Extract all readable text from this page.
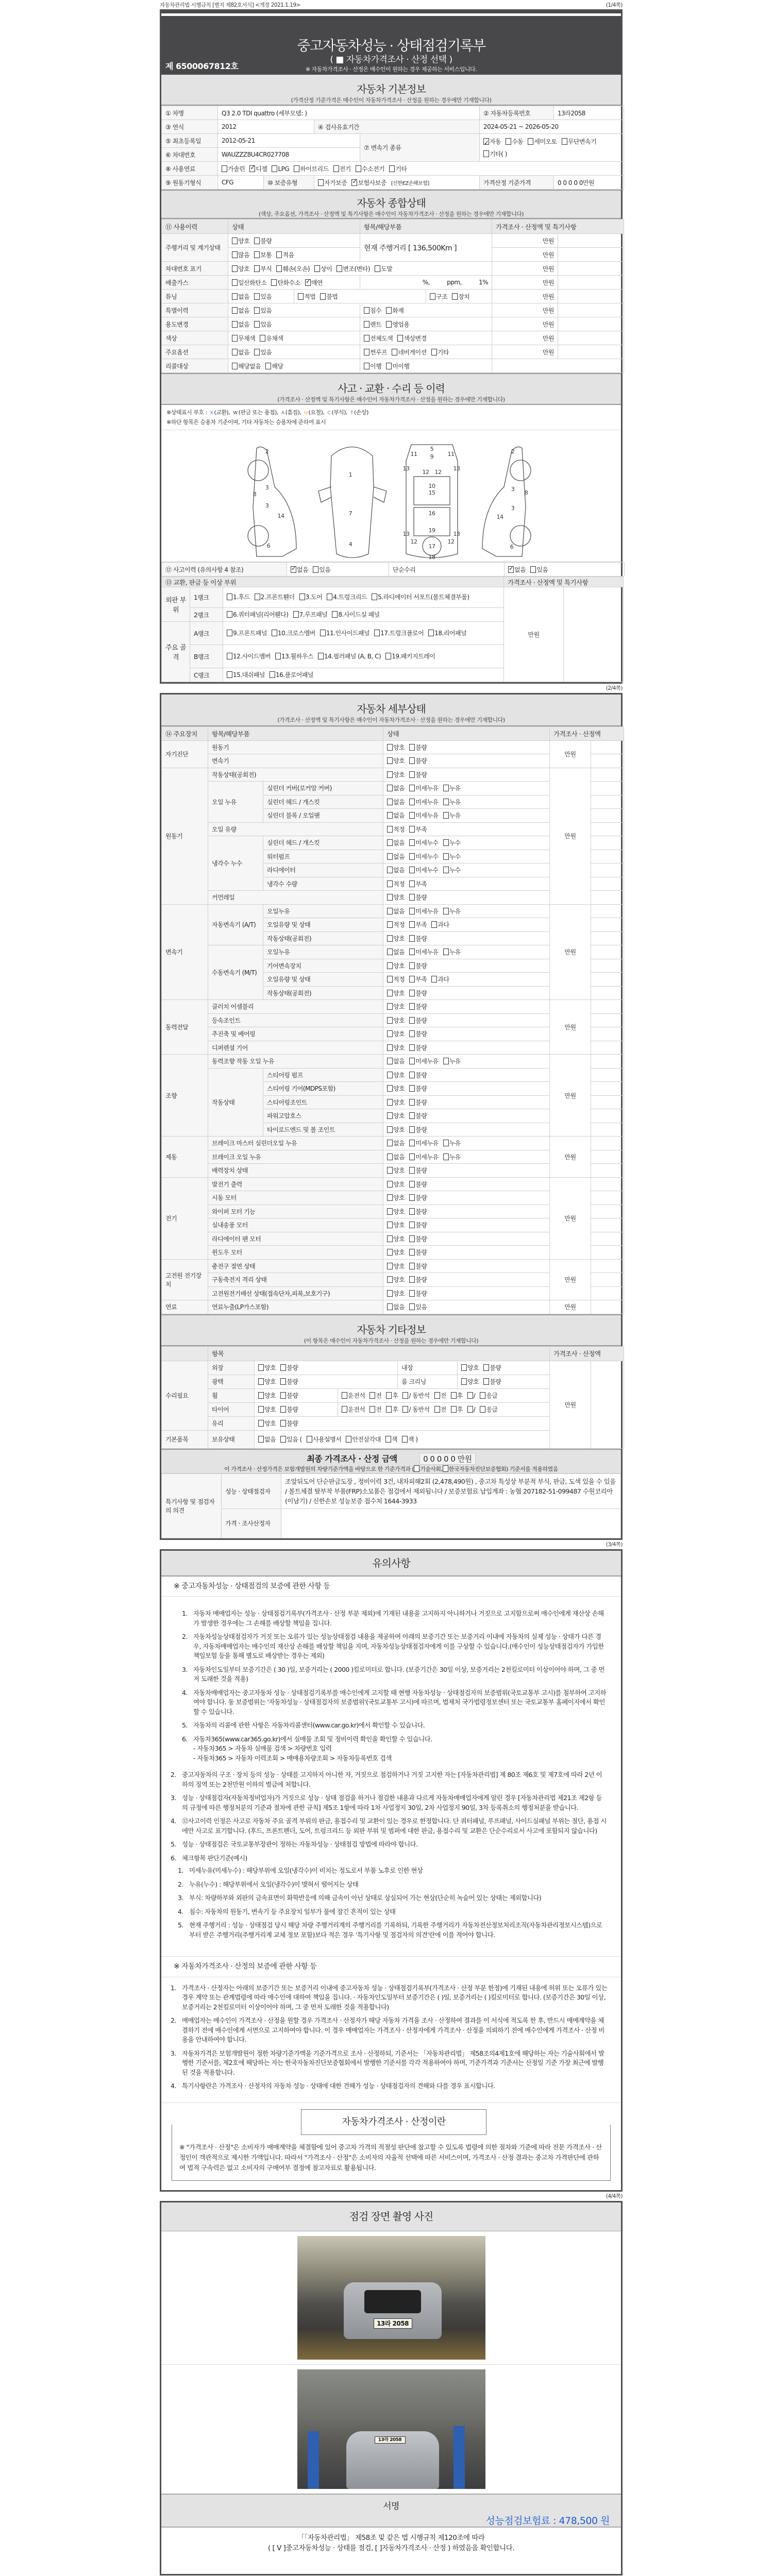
자동차관리법 시행규칙 [별지 제82호서식] <개정 2021.1.19>	(1/4쪽)
중고자동차성능 · 상태점검기록부
( ■ 자동차가격조사 · 산정 선택 )
※ 자동차가격조사 · 산정은 매수인이 원하는 경우 제공하는 서비스입니다.
제 6500067812호
자동차 기본정보
(가격산정 기준가격은 매수인이 자동차가격조사 · 산정을 원하는 경우에만 기재합니다)
① 차명	Q3 2.0 TDI quattro (세부모델: )				② 자동차등록번호	13라2058
③ 연식	2012		④ 검사유효기간		2024-05-21 ~ 2026-05-20	
⑤ 최초등록일	2012-05-21			⑦ 변속기 종류	✓자동 수동 세미오토 무단변속기기타( )
⑥ 차대번호	WAUZZZ8U4CR027708					
⑧ 사용연료	가솔린 ✓ 디젤 LPG 하이브리드 전기 수소전기 기타
⑨ 원동기형식	CFG	⑩ 보증유형	자가보증 ✓ 보험사보증 [신한EZ손해보험]		가격산정 기준가격	0 0 0 0 0만원
자동차 종합상태
(색상, 주요옵션, 가격조사 · 산정액 및 특기사항은 매수인이 자동차가격조사 · 산정을 원하는 경우에만 기재합니다)
⑪ 사용이력	상태		항목/해당부품		가격조사 · 산정액 및 특기사항	
주행거리 및 계기상태	양호 불량		현재 주행거리 [ 136,500Km ]		만원	
	많음 보통 적음				만원	
차대번호 표기	양호 부식 훼손(오손) 상이 변조(변타) 도말				만원	
배출가스	일산화탄소 탄화수소 ✓ 매연		%,          ppm,          1%		만원	
튜닝	없음 있음	적법 불법		구조 장치	만원	
특별이력	없음 있음		침수 화재		만원	
용도변경	없음 있음		렌트 영업용		만원	
색상	무채색 유채색		전체도색 색상변경		만원	
주요옵션	없음 있음		썬루프 네비게이션 기타		만원	
리콜대상	해당없음 해당		이행 미이행			
사고 · 교환 · 수리 등 이력
(가격조사 · 산정액 및 특기사항은 매수인이 자동차가격조사 · 산정을 원하는 경우에만 기재합니다)
※상태표시 부호 : X (교환), W (판금 또는 용접), A (흠집), U (요철), C (부식), T (손상)
※하단 항목은 승용차 기준이며, 기타 자동차는 승용차에 준하여 표시
1
2	2
3
3
3
3
4
5
6	6
7
8	8
9
10
11	11
12 12
12	12
13	13
13	13
14	14
15
16
17
18
19
⑫ 사고이력 (유의사항 4 참조)	✓없음 있음	단순수리	✓없음 있음
⑬ 교환, 판금 등 이상 부위			가격조사 · 산정액 및 특기사항	
외판 부위	1랭크	1.후드 2.프론트휀더 3.도어 4.트렁크리드 5.라디에이터 서포트(볼트체결부품)	만원	
	2랭크	6.쿼터패널(리어휀다) 7.루프패널 8.사이드실 패널		
주요 골격	A랭크	9.프론트패널 10.크로스멤버 11.인사이드패널 17.트렁크플로어 18.리어패널		
	B랭크	12.사이드멤버 13.휠하우스 14.필러패널 (A, B, C) 19.패키지트레이		
	C랭크	15.대쉬패널 16.플로어패널		
(2/4쪽)
자동차 세부상태
(가격조사 · 산정액 및 특기사항은 매수인이 자동차가격조사 · 산정을 원하는 경우에만 기재합니다)
⑭ 주요장치	항목/해당부품		상태	가격조사 · 산정액	
자기진단	원동기		양호 불량	만원	
	변속기		양호 불량		
원동기	작동상태(공회전)		양호 불량	만원	
	오일 누유	실린더 커버(로커암 커버)	없음 미세누유 누유		
		실린더 헤드 / 개스킷	없음 미세누유 누유		
		실린더 블록 / 오일팬	없음 미세누유 누유		
	오일 유량		적정 부족		
	냉각수 누수	실린더 헤드 / 개스킷	없음 미세누수 누수		
		워터펌프	없음 미세누수 누수		
		라디에이터	없음 미세누수 누수		
		냉각수 수량	적정 부족		
	커먼레일		양호 불량		
변속기	자동변속기 (A/T)	오일누유	없음 미세누유 누유	만원	
		오일유량 및 상태	적정 부족 과다		
		작동상태(공회전)	양호 불량		
	수동변속기 (M/T)	오일누유	없음 미세누유 누유		
		기어변속장치	양호 불량		
		오일유량 및 상태	적정 부족 과다		
		작동상태(공회전)	양호 불량		
동력전달	클러치 어셈블리		양호 불량	만원	
	등속조인트		양호 불량		
	추진축 및 베어링		양호 불량		
	디퍼렌셜 기어		양호 불량		
조향	동력조향 작동 오일 누유		없음 미세누유 누유	만원	
	작동상태	스티어링 펌프	양호 불량		
		스티어링 기어(MDPS포함)	양호 불량		
		스티어링조인트	양호 불량		
		파워고압호스	양호 불량		
		타이로드엔드 및 볼 조인트	양호 불량		
제동	브레이크 마스터 실린더오일 누유		없음 미세누유 누유	만원	
	브레이크 오일 누유		없음 미세누유 누유		
	배력장치 상태		양호 불량		
전기	발전기 출력		양호 불량	만원	
	시동 모터		양호 불량		
	와이퍼 모터 기능		양호 불량		
	실내송풍 모터		양호 불량		
	라디에이터 팬 모터		양호 불량		
	윈도우 모터		양호 불량		
고전원 전기장치	충전구 절연 상태		양호 불량	만원	
	구동축전지 격리 상태		양호 불량		
	고전원전기배선 상태(접속단자,피복,보호기구)		양호 불량		
연료	연료누출(LP가스포함)		없음 있음	만원	
자동차 기타정보
(이 항목은 매수인이 자동차가격조사 · 산정을 원하는 경우에만 기재합니다)
	항목					가격조사 · 산정액	
수리필요	외장	양호 불량		내장	양호 불량	만원	
	광택	양호 불량		룸 크리닝	양호 불량		
	휠	양호 불량	운전석 전 후 / 동반석 전 후 / 응급				
	타이어	양호 불량	운전석 전 후 / 동반석 전 후 / 응급				
	유리	양호 불량					
기본품목	보유상태	없음 있음 ( 사용설명서 안전삼각대 잭 잭 )					
최종 가격조사 · 산정 금액	0 0 0 0 0 만원
이 가격조사 · 산정가격은 보험개발원의 차량기준가액을 바탕으로 한 기준가격과 ( 기술사회, 한국자동차진단보증협회) 기준서를 적용하였음
특기사항 및 점검자의 의견	성능 · 상태점검자	조앞뒤도어 단순판금도장 , 정비이력 3건, 내차피해2회 (2,478,490원) , 중고차 특성상 부분적 부식, 판금, 도색 있을 수 있음 / 볼트체결 탈부착 부품(FRP)소모품은 점검에서 제외됩니다 / 보증보험료 납입계좌 : 농협 207182-51-099487 수원코리아(이남기) / 신한손보 성능보증 접수처 1644-3933
	가격 · 조사산정자	
(3/4쪽)
유의사항
※ 중고자동차성능 · 상태점검의 보증에 관한 사항 등
1. 자동차 매매업자는 성능 · 상태점검기록부(가격조사 · 산정 부분 제외)에 기재된 내용을 고지하지 아니하거나 거짓으로 고지함으로써 매수인에게 재산상 손해가 발생한 경우에는 그 손해를 배상할 책임을 집니다.
2. 자동차성능상태점검자가 거짓 또는 오류가 있는 성능상태점검 내용을 제공하여 아래의 보증기간 또는 보증거리 이내에 자동차의 실제 성능 · 상태가 다른 경우, 자동차매매업자는 매수인의 재산상 손해를 배상할 책임을 지며, 자동차성능상태점검자에게 이를 구상할 수 있습니다.(매수인이 성능상태점검자가 가입한 책임보험 등을 통해 별도로 배상받는 경우는 제외)
3. 자동차인도일부터 보증기간은 ( 30 )일, 보증거리는 ( 2000 )킬로미터로 합니다. (보증기간은 30일 이상, 보증거리는 2천킬로미터 이상이어야 하며, 그 중 먼저 도래한 것을 적용)
4. 자동차매매업자는 중고자동차 성능 · 상태점검기록부를 매수인에게 고지할 때 현행 자동차성능 · 상태점검자의 보증범위(국토교통부 고시)를 첨부하여 고지하여야 합니다. 동 보증범위는 '자동차성능 · 상태점검자의 보증범위'(국토교통부 고시)에 따르며, 법제처 국가법령정보센터 또는 국토교통부 홈페이지에서 확인할 수 있습니다.
5. 자동차의 리콜에 관한 사항은 자동차리콜센터(www.car.go.kr)에서 확인할 수 있습니다.
6. 자동차365(www.car365.go.kr)에서 실매물 조회 및 정비이력 확인을 확인할 수 있습니다.
- 자동차365 > 자동차 실매물 검색 > 차량번호 입력
- 자동차365 > 자동차 이력조회 > 매매용차량조회 > 자동차등록번호 검색
2. 중고자동차의 구조 · 장치 등의 성능 · 상태를 고지하지 아니한 자, 거짓으로 점검하거나 거짓 고지한 자는 [자동차관리법] 제 80조 제6호 및 제7호에 따라 2년 이하의 징역 또는 2천만원 이하의 벌금에 처합니다.
3. 성능 · 상태점검자(자동차정비업자)가 거짓으로 성능 · 상태 점검을 하거나 점검한 내용과 다르게 자동차매매업자에게 알린 경우 [자동차관리법 제21조 제2항 등의 규정에 따른 행정처분의 기준과 절차에 관한 규칙] 제5조 1항에 따라 1차 사업정지 30일, 2차 사업정지 90일, 3차 등록취소의 행정처분을 받습니다.
4. ⑫사고이력 인정은 사고로 자동차 주요 골격 부위의 판금, 용접수리 및 교환이 있는 경우로 한정합니다. 단 쿼터패널, 루프패널, 사이드실패널 부위는 절단, 용접 시에만 사고로 표기합니다. (후드, 프론트펜더, 도어, 트렁크리드 등 외판 부위 및 범퍼에 대한 판금, 용접수리 및 교환은 단순수리로서 사고에 포함되지 않습니다)
5. 성능 · 상태점검은 국토교통부장관이 정하는 자동차성능 · 상태점검 방법에 따라야 합니다.
6. 체크항목 판단기준(예시)
1. 미세누유(미세누수) : 해당부위에 오일(냉각수)이 비치는 정도로서 부품 노후로 인한 현상
2. 누유(누수) : 해당부위에서 오일(냉각수)이 맺혀서 떨어지는 상태
3. 부식: 차량하부와 외판의 금속표면이 화학반응에 의해 금속이 아닌 상태로 상실되어 가는 현상(단순히 녹슬어 있는 상태는 제외합니다)
4. 침수: 자동차의 원동기, 변속기 등 주요장치 일부가 물에 잠긴 흔적이 있는 상태
5. 현재 주행거리 : 성능 · 상태점검 당시 해당 차량 주행거리계의 주행거리를 기록하되, 기록한 주행거리가 자동차전산정보처리조직(자동차관리정보시스템)으로부터 받은 주행거리(주행거리계 교체 정보 포함)보다 적은 경우 '특기사항 및 점검자의 의견'란에 이를 적어야 합니다.
※ 자동차가격조사 · 산정의 보증에 관한 사항 등
1. 가격조사 · 산정자는 아래의 보증기간 또는 보증거리 이내에 중고자동차 성능 · 상태점검기록부(가격조사 · 산정 부분 한정)에 기재된 내용에 허위 또는 오류가 있는 경우 계약 또는 관계법령에 따라 매수인에 대하여 책임을 집니다. · 자동차인도일부터 보증기간은 ( )일, 보증거리는 ( )킬로미터로 합니다. (보증기간은 30일 이상, 보증거리는 2천킬로미터 이상이어야 하며, 그 중 먼저 도래한 것을 적용합니다)
2. 매매업자는 매수인이 가격조사 · 산정을 원할 경우 가격조사 · 산정자가 해당 자동차 가격을 조사 · 산정하여 결과를 이 서식에 적도록 한 후, 반드시 매매계약을 체결하기 전에 매수인에게 서면으로 고지하여야 합니다. 이 경우 매매업자는 가격조사 · 산정자에게 가격조사 · 산정을 의뢰하기 전에 매수인에게 가격조사 · 산정 비용을 안내하여야 합니다.
3. 자동차가격은 보험개발원이 정한 차량기준가액을 기준가격으로 조사 · 산정하되, 기준서는 「자동차관리법」 제58조의4제1호에 해당하는 자는 기술사회에서 발행한 기준서를, 제2호에 해당하는 자는 한국자동차진단보증협회에서 발행한 기준서를 각각 적용하여야 하며, 기준가격과 기준서는 산정일 기준 가장 최근에 발행된 것을 적용합니다.
4. 특기사항란은 가격조사 · 산정자의 자동차 성능 · 상태에 대한 견해가 성능 · 상태점검자의 견해와 다를 경우 표시합니다.
자동차가격조사 · 산정이란
※ "가격조사 · 산정"은 소비자가 매매계약을 체결함에 있어 중고차 가격의 적절성 판단에 참고할 수 있도록 법령에 의한 절차와 기준에 따라 전문 가격조사 · 산정인이 객관적으로 제시한 가액입니다. 따라서 "가격조사 · 산정"은 소비자의 자율적 선택에 따른 서비스이며, 가격조사 · 산정 결과는 중고차 가격판단에 관하여 법적 구속력은 없고 소비자의 구매여부 결정에 참고자료로 활용됩니다.
(4/4쪽)
점검 장면 촬영 사진
13라 2058
13라 2058
서명
성능점검보험료 : 478,500 원
「「자동차관리법」 제58조 및 같은 법 시행규칙 제120조에 따라
( [ V ]중고자동차성능 · 상태를 점검, [ ]자동차가격조사 · 산정 ) 하였음을 확인합니다.
